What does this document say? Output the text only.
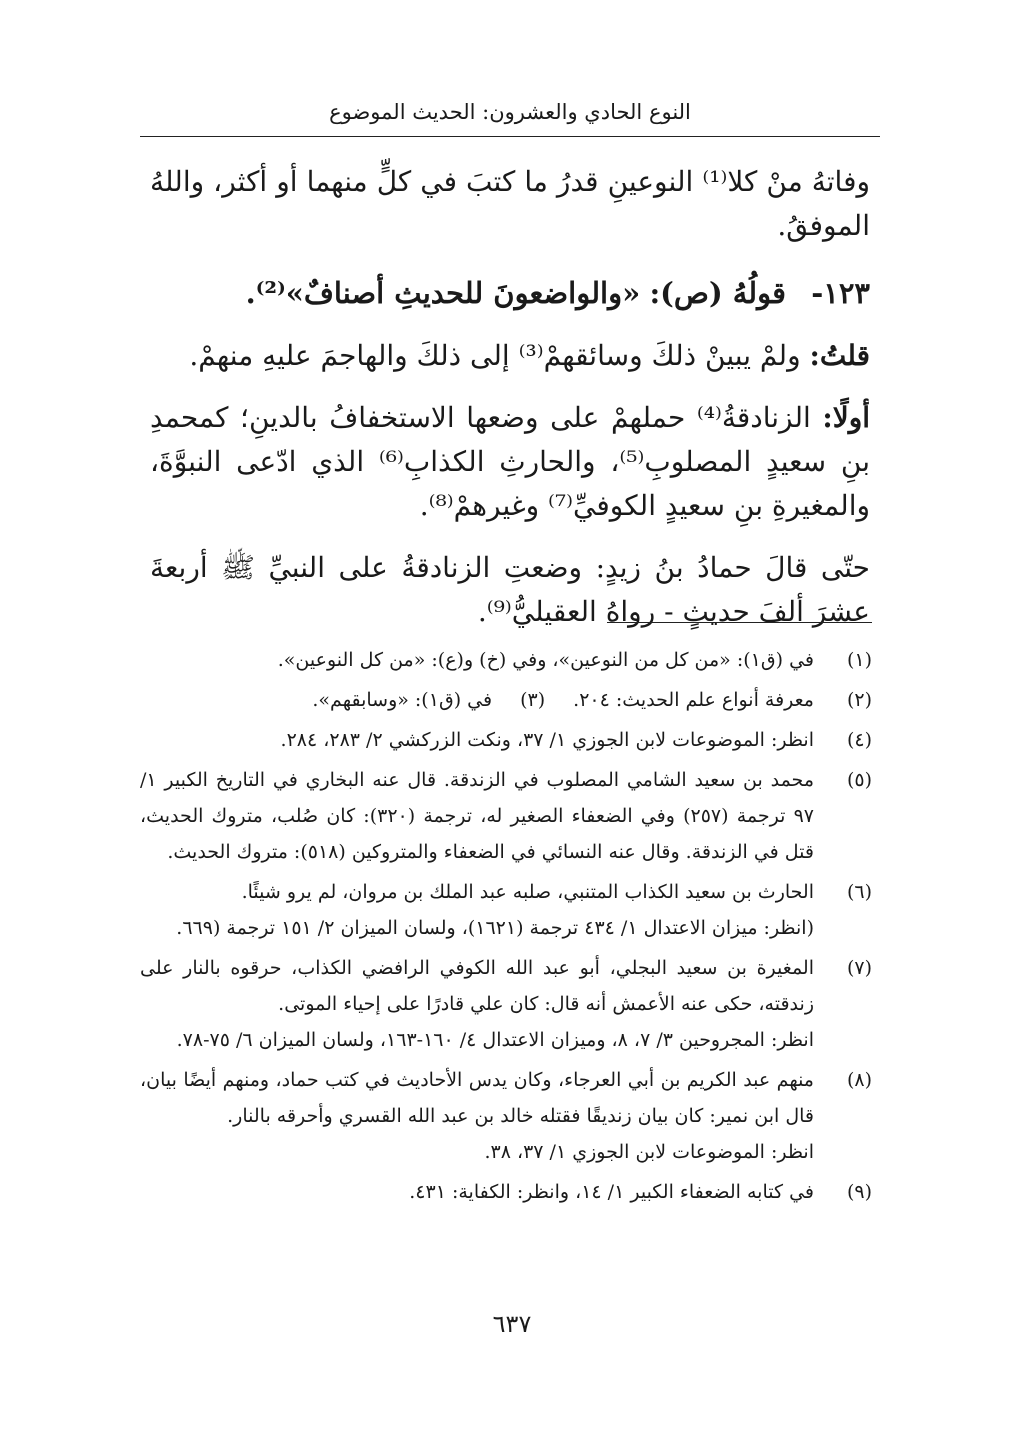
النوع الحادي والعشرون: الحديث الموضوع

وفاتهُ منْ كلا⁽¹⁾ النوعينِ قدرُ ما كتبَ في كلٍّ منهما أو أكثر، واللهُ الموفقُ.

١٢٣- قولُهُ (ص): «والواضعونَ للحديثِ أصنافٌ»⁽²⁾.

قلتُ: ولمْ يبينْ ذلكَ وسائقهمْ⁽³⁾ إلى ذلكَ والهاجمَ عليهِ منهمْ.

أولًا: الزنادقةُ⁽⁴⁾ حملهمْ على وضعها الاستخفافُ بالدينِ؛ كمحمدِ بنِ سعيدٍ المصلوبِ⁽⁵⁾، والحارثِ الكذابِ⁽⁶⁾ الذي ادّعى النبوَّةَ، والمغيرةِ بنِ سعيدٍ الكوفيِّ⁽⁷⁾ وغيرهمْ⁽⁸⁾.

حتّى قالَ حمادُ بنُ زيدٍ: وضعتِ الزنادقةُ على النبيِّ ﷺ أربعةَ عشرَ ألفَ حديثٍ - رواهُ العقيليُّ⁽⁹⁾.

(١)
في (ق١): «من كل من النوعين»، وفي (خ) و(ع): «من كل النوعين».
(٢)
معرفة أنواع علم الحديث: ٢٠٤.
(٣)
في (ق١): «وسابقهم».
(٤)
انظر: الموضوعات لابن الجوزي ١/ ٣٧، ونكت الزركشي ٢/ ٢٨٣، ٢٨٤.
(٥)
محمد بن سعيد الشامي المصلوب في الزندقة. قال عنه البخاري في التاريخ الكبير ١/ ٩٧ ترجمة (٢٥٧) وفي الضعفاء الصغير له، ترجمة (٣٢٠): كان صُلب، متروك الحديث، قتل في الزندقة. وقال عنه النسائي في الضعفاء والمتروكين (٥١٨): متروك الحديث.
(٦)
الحارث بن سعيد الكذاب المتنبي، صلبه عبد الملك بن مروان، لم يرو شيئًا.
(انظر: ميزان الاعتدال ١/ ٤٣٤ ترجمة (١٦٢١)، ولسان الميزان ٢/ ١٥١ ترجمة (٦٦٩.
(٧)
المغيرة بن سعيد البجلي، أبو عبد الله الكوفي الرافضي الكذاب، حرقوه بالنار على زندقته، حكى عنه الأعمش أنه قال: كان علي قادرًا على إحياء الموتى.
انظر: المجروحين ٣/ ٧، ٨، وميزان الاعتدال ٤/ ١٦٠-١٦٣، ولسان الميزان ٦/ ٧٥-٧٨.
(٨)
منهم عبد الكريم بن أبي العرجاء، وكان يدس الأحاديث في كتب حماد، ومنهم أيضًا بيان، قال ابن نمير: كان بيان زنديقًا فقتله خالد بن عبد الله القسري وأحرقه بالنار.
انظر: الموضوعات لابن الجوزي ١/ ٣٧، ٣٨.
(٩)
في كتابه الضعفاء الكبير ١/ ١٤، وانظر: الكفاية: ٤٣١.
٦٣٧
